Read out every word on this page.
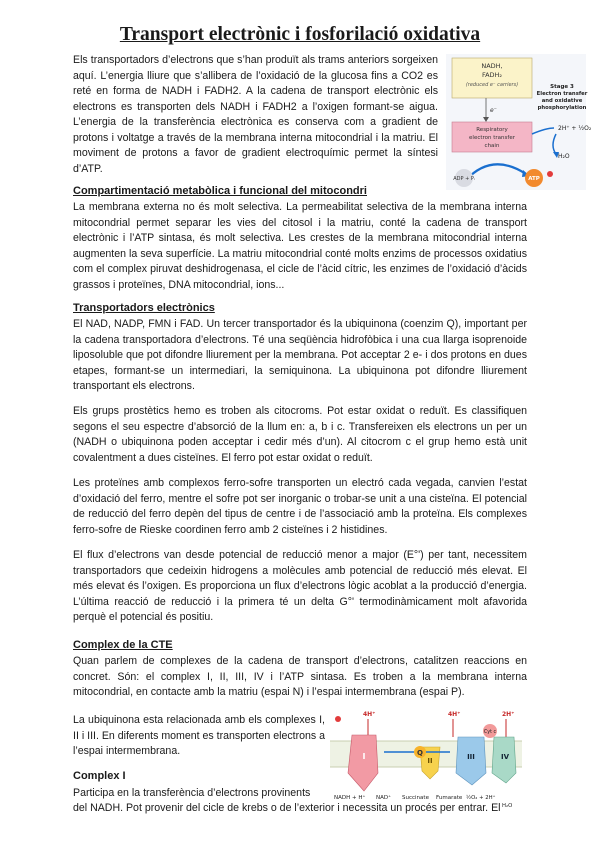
Transport electrònic i fosforilació oxidativa

Els transportadors d’electrons que s’han produït als trams anteriors sorgeixen aquí. L’energia lliure que s’allibera de l’oxidació de la glucosa fins a CO2 es reté en forma de NADH i FADH2. A la cadena de transport electrònic els electrons es transporten dels NADH i FADH2 a l’oxigen formant-se aigua. L’energia de la transferència electrònica es conserva com a gradient de protons i voltatge a través de la membrana interna mitocondrial i la matriu. El moviment de protons a favor de gradient electroquímic permet la síntesi d’ATP.

NADH,
FADH₂
(reduced e⁻ carriers)
e⁻
Respiratory
electron transfer
chain
Stage 3
Electron transfer
and oxidative
phosphorylation
2H⁺ + ½O₂
H₂O
ADP + Pᵢ	ATP
Compartimentació metabòlica i funcional del mitocondri

La membrana externa no és molt selectiva. La permeabilitat selectiva de la membrana interna mitocondrial permet separar les vies del citosol i la matriu, conté la cadena de transport electrònic i l’ATP sintasa, és molt selectiva. Les crestes de la membrana mitocondrial interna augmenten la seva superfície. La matriu mitocondrial conté molts enzims de processos oxidatius com el complex piruvat deshidrogenasa, el cicle de l’àcid cítric, les enzimes de l’oxidació d’àcids grassos i proteïnes, DNA mitocondrial, ions...

Transportadors electrònics

El NAD, NADP, FMN i FAD. Un tercer transportador és la ubiquinona (coenzim Q), important per la cadena transportadora d’electrons. Té una seqüència hidrofòbica i una cua llarga isoprenoide liposoluble que pot difondre lliurement per la membrana. Pot acceptar 2 e- i dos protons en dues etapes, formant-se un intermediari, la semiquinona. La ubiquinona pot difondre lliurement transportant els electrons.

Els grups prostètics hemo es troben als citocroms. Pot estar oxidat o reduït. Es classifiquen segons el seu espectre d’absorció de la llum en: a, b i c. Transfereixen els electrons un per un (NADH o ubiquinona poden acceptar i cedir més d’un). Al citocrom c el grup hemo està unit covalentment a dues cisteïnes. El ferro pot estar oxidat o reduït.

Les proteïnes amb complexos ferro-sofre transporten un electró cada vegada, canvien l’estat d’oxidació del ferro, mentre el sofre pot ser inorganic o trobar-se unit a una cisteïna. El potencial de reducció del ferro depèn del tipus de centre i de l’associació amb la proteïna. Els complexes ferro-sofre de Rieske coordinen ferro amb 2 cisteïnes i 2 histidines.

El flux d’electrons van desde potencial de reducció menor a major (E°') per tant, necessitem transportadors que cedeixin hidrogens a molècules amb potencial de reducció més elevat. El més elevat és l’oxigen. Es proporciona un flux d’electrons lògic acoblat a la producció d’energia. L’última reacció de reducció i la primera té un delta G°' termodinàmicament molt afavorida perquè el potencial és positiu.

Complex de la CTE

Quan parlem de complexes de la cadena de transport d’electrons, catalitzen reaccions en concret. Són: el complex I, II, III, IV i l’ATP sintasa. Es troben a la membrana interna mitocondrial, en contacte amb la matriu (espai N) i l’espai intermembrana (espai P).

La ubiquinona esta relacionada amb els complexes I, II i III. En diferents moment es transporten electrons a l’espai intermembrana.

4H⁺	4H⁺	2H⁺
I	II
Q	III	IV
Cyt c
NADH + H⁺ NAD⁺ Succinate Fumarate ½O₂ + 2H⁺
H₂O
Complex I

Participa en la transferència d’electrons provinents

del NADH. Pot provenir del cicle de krebs o de l’exterior i necessita un procés per entrar. El
